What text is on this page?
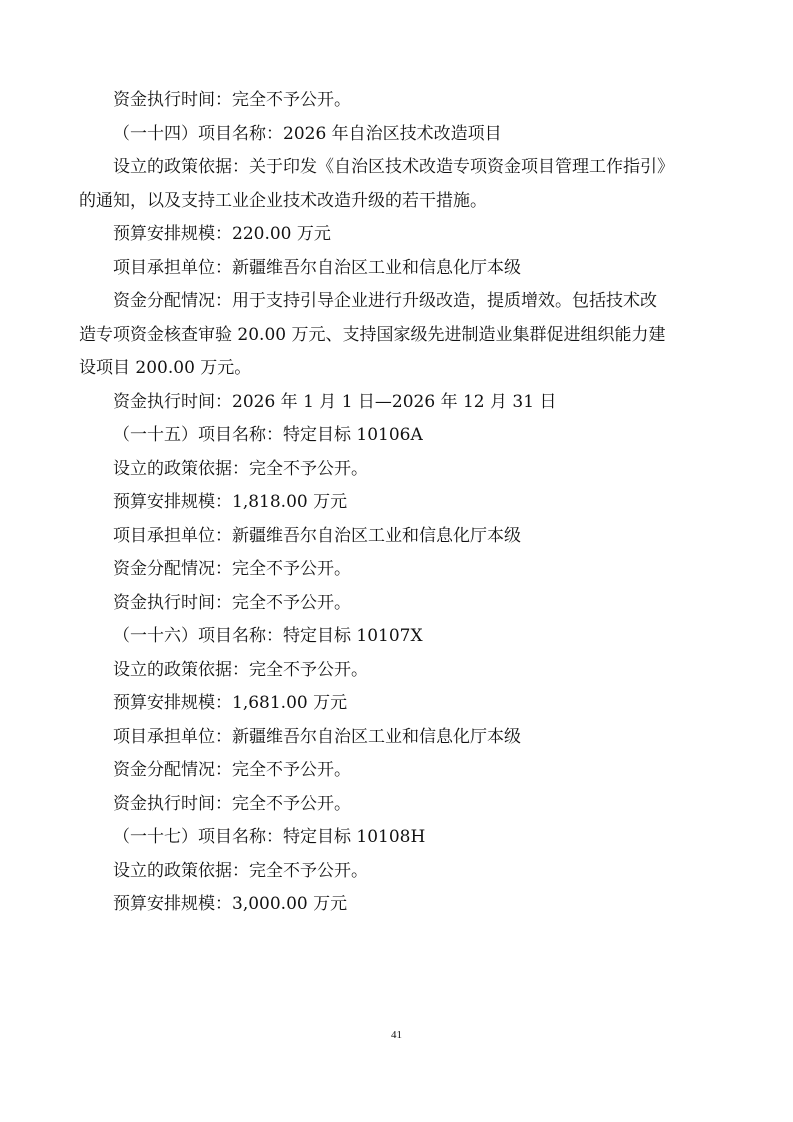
资金执行时间：完全不予公开。
（一十四）项目名称：2026 年自治区技术改造项目
设立的政策依据：关于印发《自治区技术改造专项资金项目管理工作指引》
的通知，以及支持工业企业技术改造升级的若干措施。
预算安排规模：220.00 万元
项目承担单位：新疆维吾尔自治区工业和信息化厅本级
资金分配情况：用于支持引导企业进行升级改造，提质增效。包括技术改
造专项资金核查审验 20.00 万元、支持国家级先进制造业集群促进组织能力建
设项目 200.00 万元。
资金执行时间：2026 年 1 月 1 日—2026 年 12 月 31 日
（一十五）项目名称：特定目标 10106A
设立的政策依据：完全不予公开。
预算安排规模：1,818.00 万元
项目承担单位：新疆维吾尔自治区工业和信息化厅本级
资金分配情况：完全不予公开。
资金执行时间：完全不予公开。
（一十六）项目名称：特定目标 10107X
设立的政策依据：完全不予公开。
预算安排规模：1,681.00 万元
项目承担单位：新疆维吾尔自治区工业和信息化厅本级
资金分配情况：完全不予公开。
资金执行时间：完全不予公开。
（一十七）项目名称：特定目标 10108H
设立的政策依据：完全不予公开。
预算安排规模：3,000.00 万元
41
